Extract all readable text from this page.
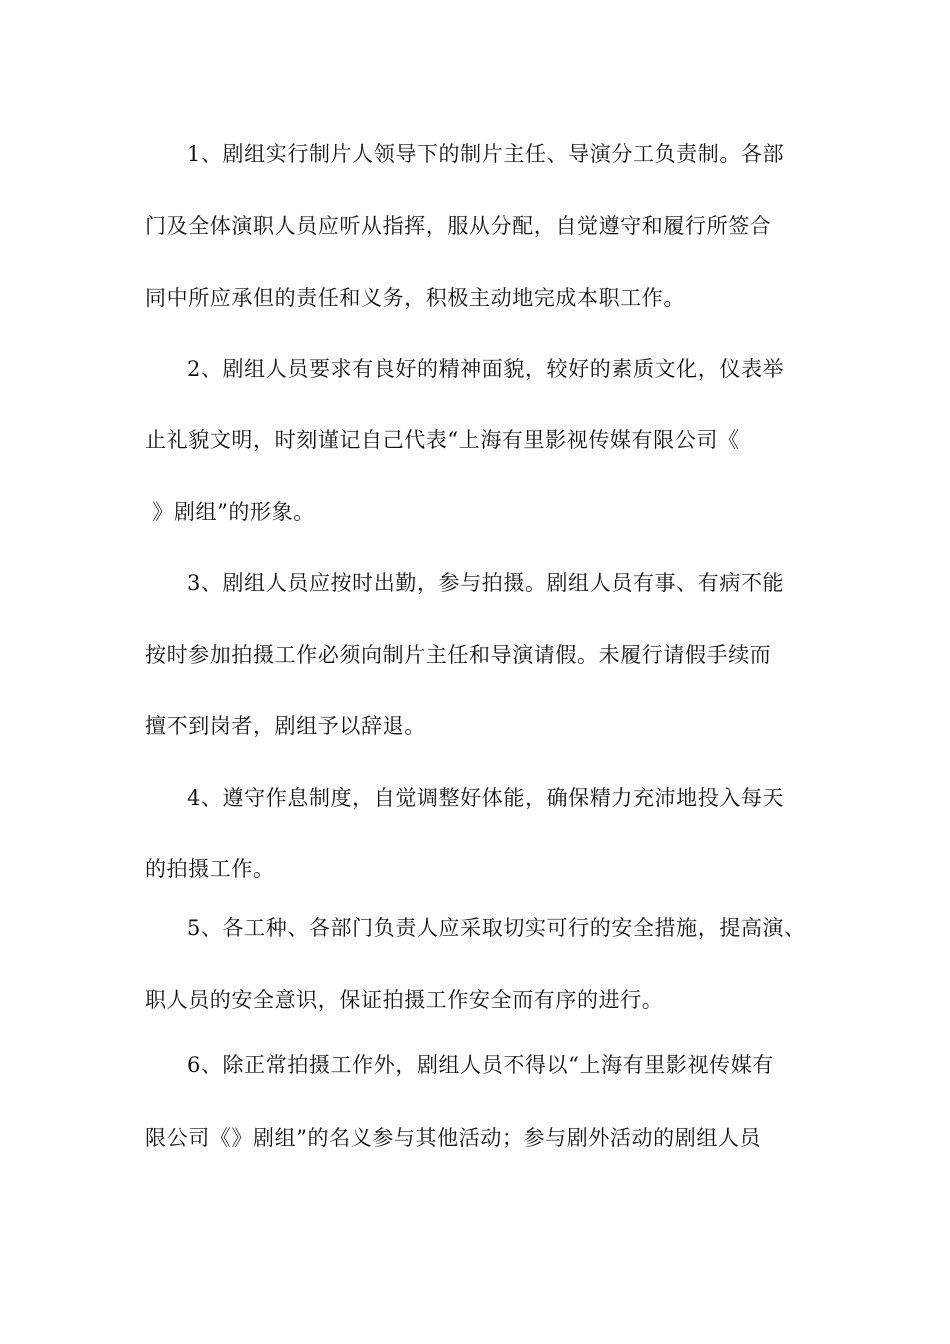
1、剧组实行制片人领导下的制片主任、导演分工负责制。各部
门及全体演职人员应听从指挥，服从分配，自觉遵守和履行所签合
同中所应承但的责任和义务，积极主动地完成本职工作。
2、剧组人员要求有良好的精神面貌，较好的素质文化，仪表举
止礼貌文明，时刻谨记自己代表“上海有里影视传媒有限公司《
》剧组”的形象。
3、剧组人员应按时出勤，参与拍摄。剧组人员有事、有病不能
按时参加拍摄工作必须向制片主任和导演请假。未履行请假手续而
擅不到岗者，剧组予以辞退。
4、遵守作息制度，自觉调整好体能，确保精力充沛地投入每天
的拍摄工作。
5、各工种、各部门负责人应采取切实可行的安全措施，提高演、
职人员的安全意识，保证拍摄工作安全而有序的进行。
6、除正常拍摄工作外，剧组人员不得以“上海有里影视传媒有
限公司《》剧组”的名义参与其他活动；参与剧外活动的剧组人员
